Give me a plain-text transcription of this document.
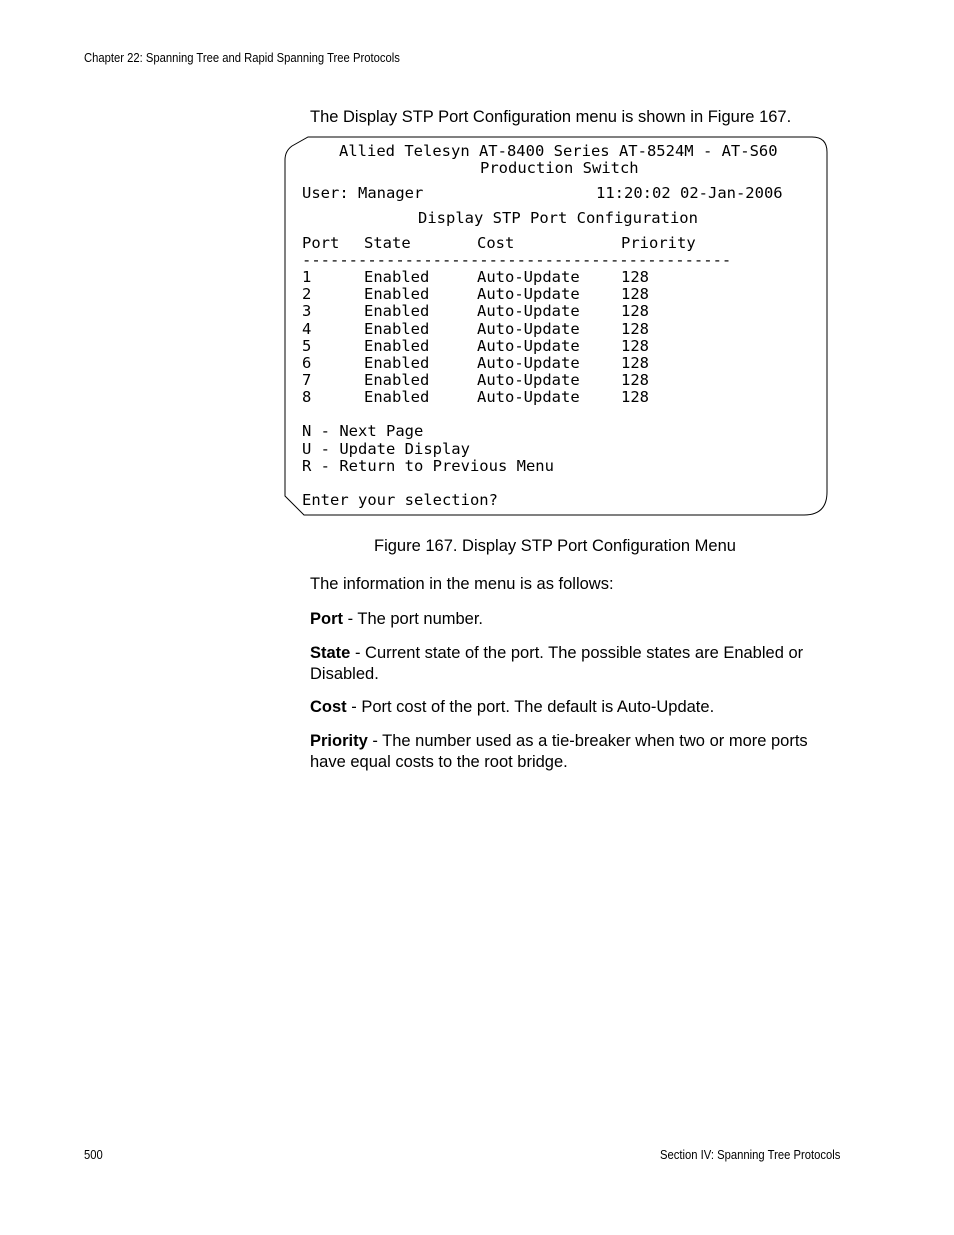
Chapter 22: Spanning Tree and Rapid Spanning Tree Protocols
The Display STP Port Configuration menu is shown in Figure 167.
Allied Telesyn AT-8400 Series AT-8524M - AT-S60
Production Switch
User: Manager	11:20:02 02-Jan-2006
Display STP Port Configuration
Port State	Cost	Priority
----------------------------------------------
1	Enabled	Auto-Update	128
2	Enabled	Auto-Update	128
3	Enabled	Auto-Update	128
4	Enabled	Auto-Update	128
5	Enabled	Auto-Update	128
6	Enabled	Auto-Update	128
7	Enabled	Auto-Update	128
8	Enabled	Auto-Update	128
N - Next Page
U - Update Display
R - Return to Previous Menu
Enter your selection?
Figure 167. Display STP Port Configuration Menu
The information in the menu is as follows:
Port - The port number.
State - Current state of the port. The possible states are Enabled or Disabled.
Cost - Port cost of the port. The default is Auto-Update.
Priority - The number used as a tie-breaker when two or more ports have equal costs to the root bridge.
500	Section IV: Spanning Tree Protocols
